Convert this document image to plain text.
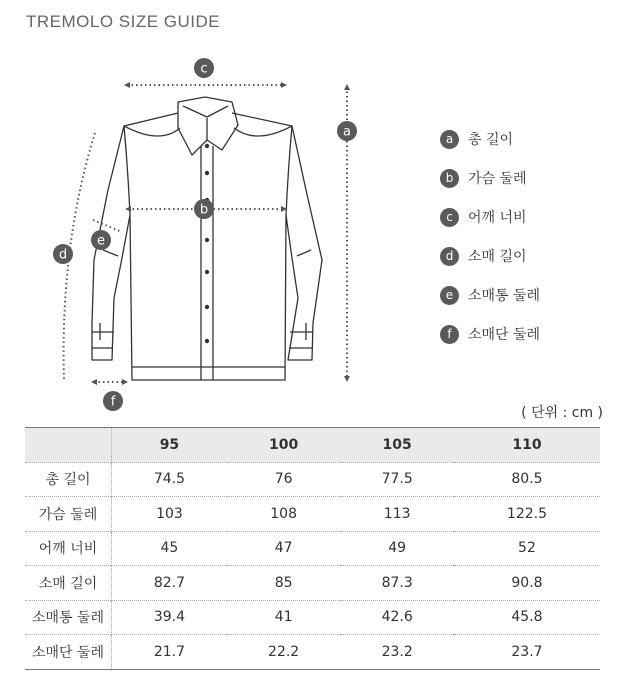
TREMOLO SIZE GUIDE
c
a
b
e
d
f
a	총 길이
b	가슴 둘레
c	어깨 너비
d	소매 길이
e	소매통 둘레
f	소매단 둘레
( 단위 : cm )
	95	100	105	110
총 길이	74.5	76	77.5	80.5
가슴 둘레	103	108	113	122.5
어깨 너비	45	47	49	52
소매 길이	82.7	85	87.3	90.8
소매통 둘레	39.4	41	42.6	45.8
소매단 둘레	21.7	22.2	23.2	23.7
